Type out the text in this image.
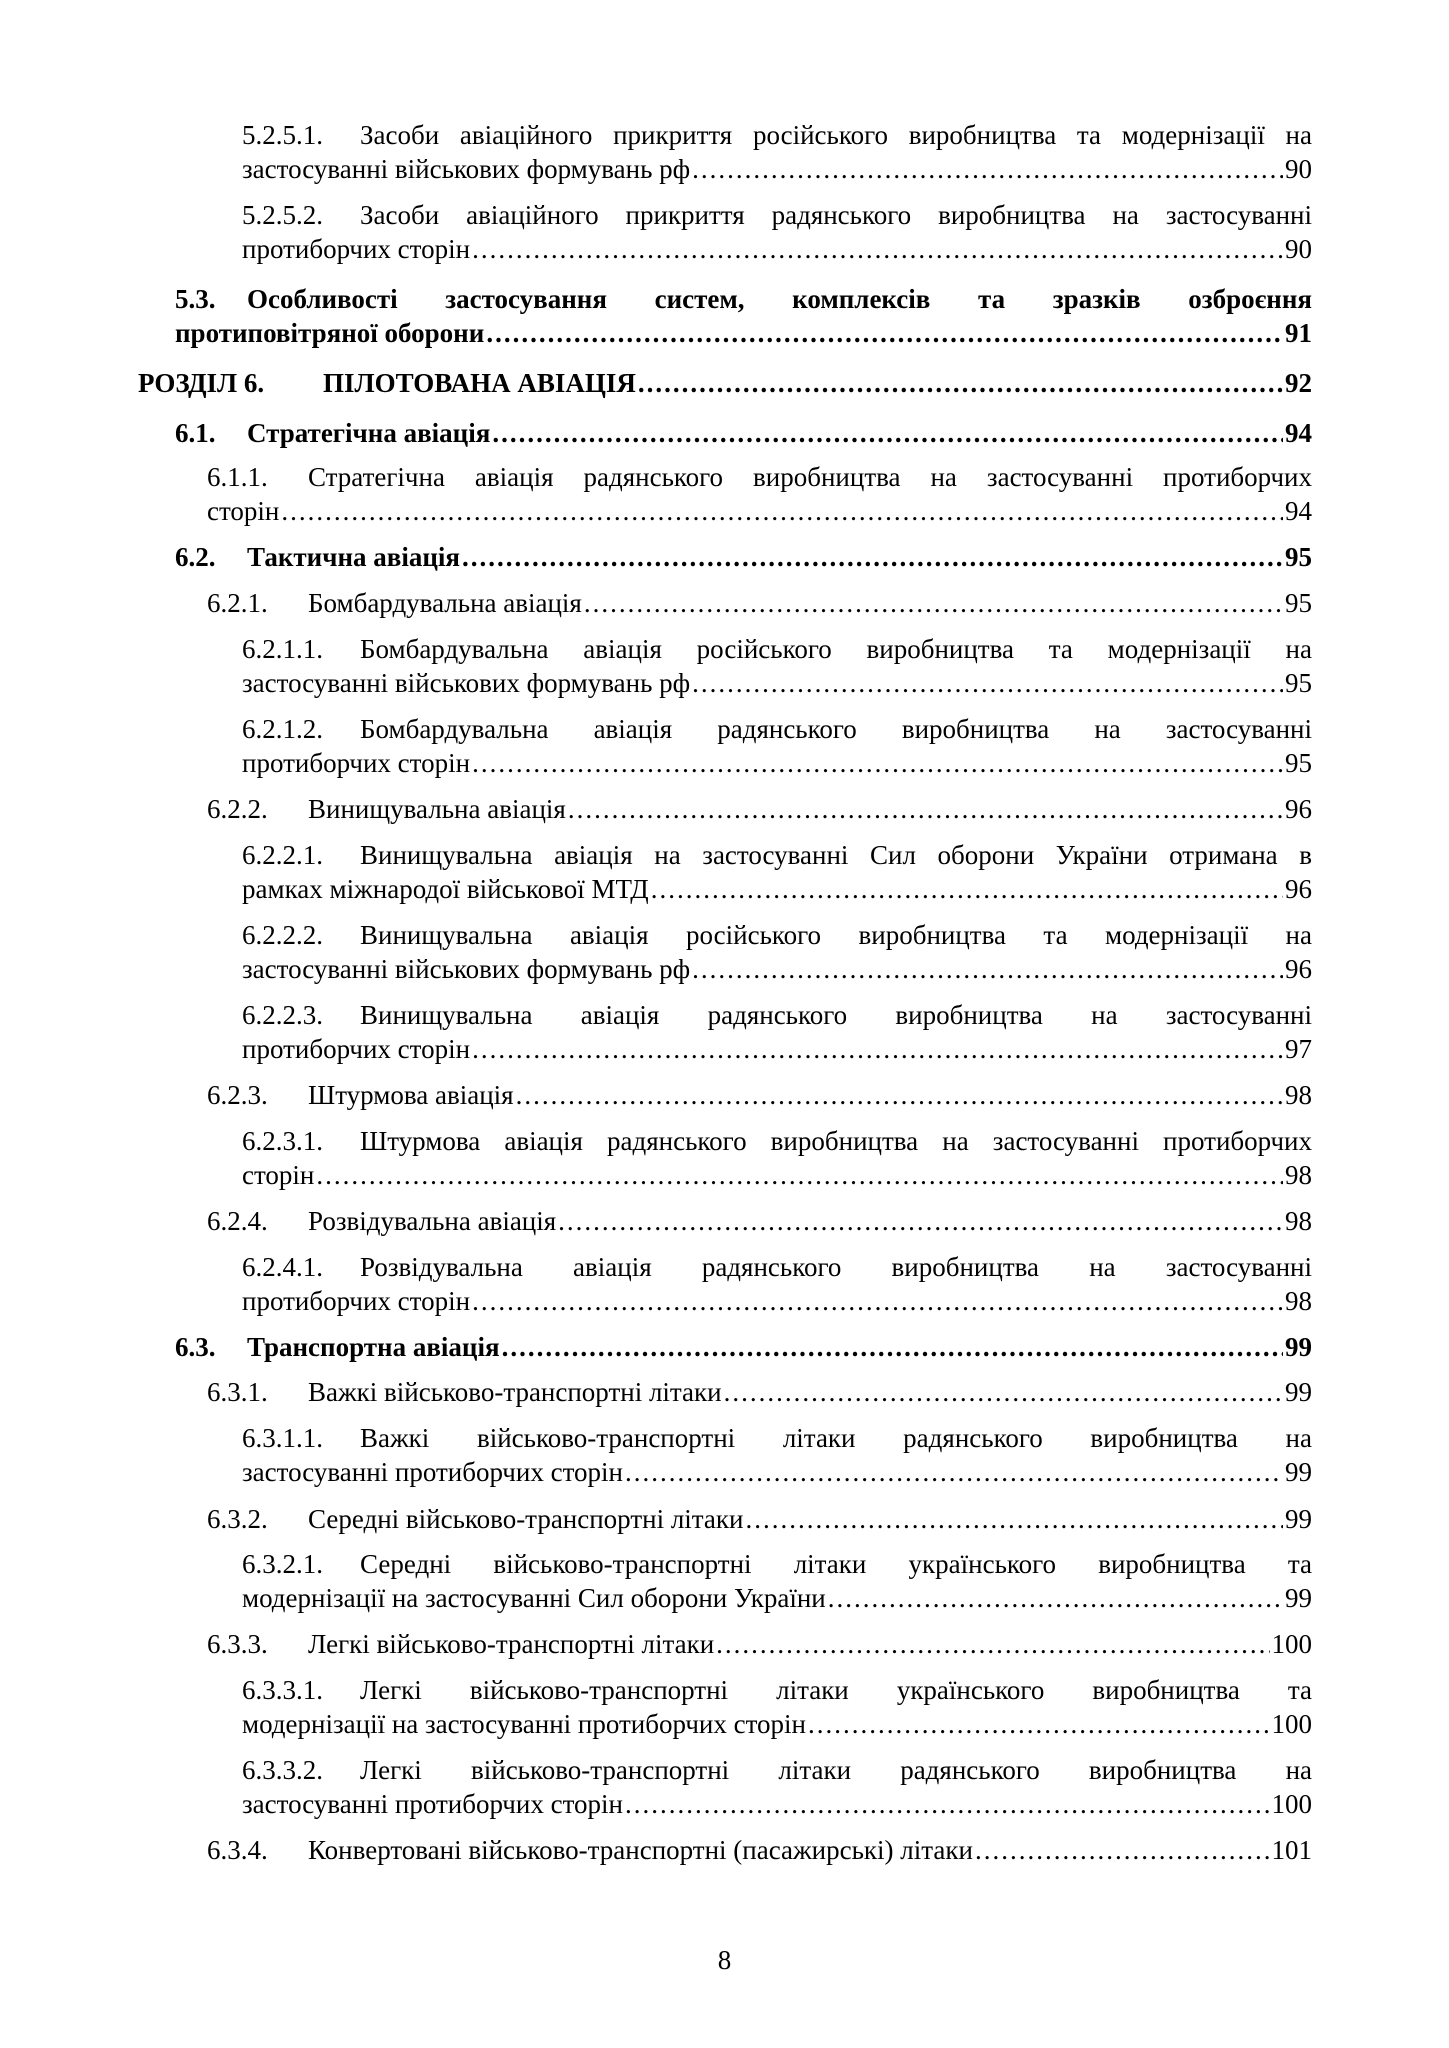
5.2.5.1.	Засоби авіаційного прикриття російського виробництва та модернізації на
застосуванні військових формувань рф .....	90
5.2.5.2.	Засоби авіаційного прикриття радянського виробництва на застосуванні
протиборчих сторін .....	90
5.3.	Особливості застосування систем, комплексів та зразків озброєння
протиповітряної оборони .....	91
РОЗДІЛ 6.	ПІЛОТОВАНА АВІАЦІЯ .....	92
6.1.	Стратегічна авіація .....	94
6.1.1.	Стратегічна авіація радянського виробництва на застосуванні протиборчих
сторін .....	94
6.2.	Тактична авіація .....	95
6.2.1.	Бомбардувальна авіація .....	95
6.2.1.1.	Бомбардувальна авіація російського виробництва та модернізації на
застосуванні військових формувань рф .....	95
6.2.1.2.	Бомбардувальна авіація радянського виробництва на застосуванні
протиборчих сторін .....	95
6.2.2.	Винищувальна авіація .....	96
6.2.2.1.	Винищувальна авіація на застосуванні Сил оборони України отримана в
рамках міжнародої військової МТД .....	96
6.2.2.2.	Винищувальна авіація російського виробництва та модернізації на
застосуванні військових формувань рф .....	96
6.2.2.3.	Винищувальна авіація радянського виробництва на застосуванні
протиборчих сторін .....	97
6.2.3.	Штурмова авіація .....	98
6.2.3.1.	Штурмова авіація радянського виробництва на застосуванні протиборчих
сторін .....	98
6.2.4.	Розвідувальна авіація .....	98
6.2.4.1.	Розвідувальна авіація радянського виробництва на застосуванні
протиборчих сторін .....	98
6.3.	Транспортна авіація .....	99
6.3.1.	Важкі військово-транспортні літаки .....	99
6.3.1.1.	Важкі військово-транспортні літаки радянського виробництва на
застосуванні протиборчих сторін .....	99
6.3.2.	Середні військово-транспортні літаки .....	99
6.3.2.1.	Середні військово-транспортні літаки українського виробництва та
модернізації на застосуванні Сил оборони України .....	99
6.3.3.	Легкі військово-транспортні літаки .....	100
6.3.3.1.	Легкі військово-транспортні літаки українського виробництва та
модернізації на застосуванні протиборчих сторін .....	100
6.3.3.2.	Легкі військово-транспортні літаки радянського виробництва на
застосуванні протиборчих сторін .....	100
6.3.4.	Конвертовані військово-транспортні (пасажирські) літаки .....	101
8
